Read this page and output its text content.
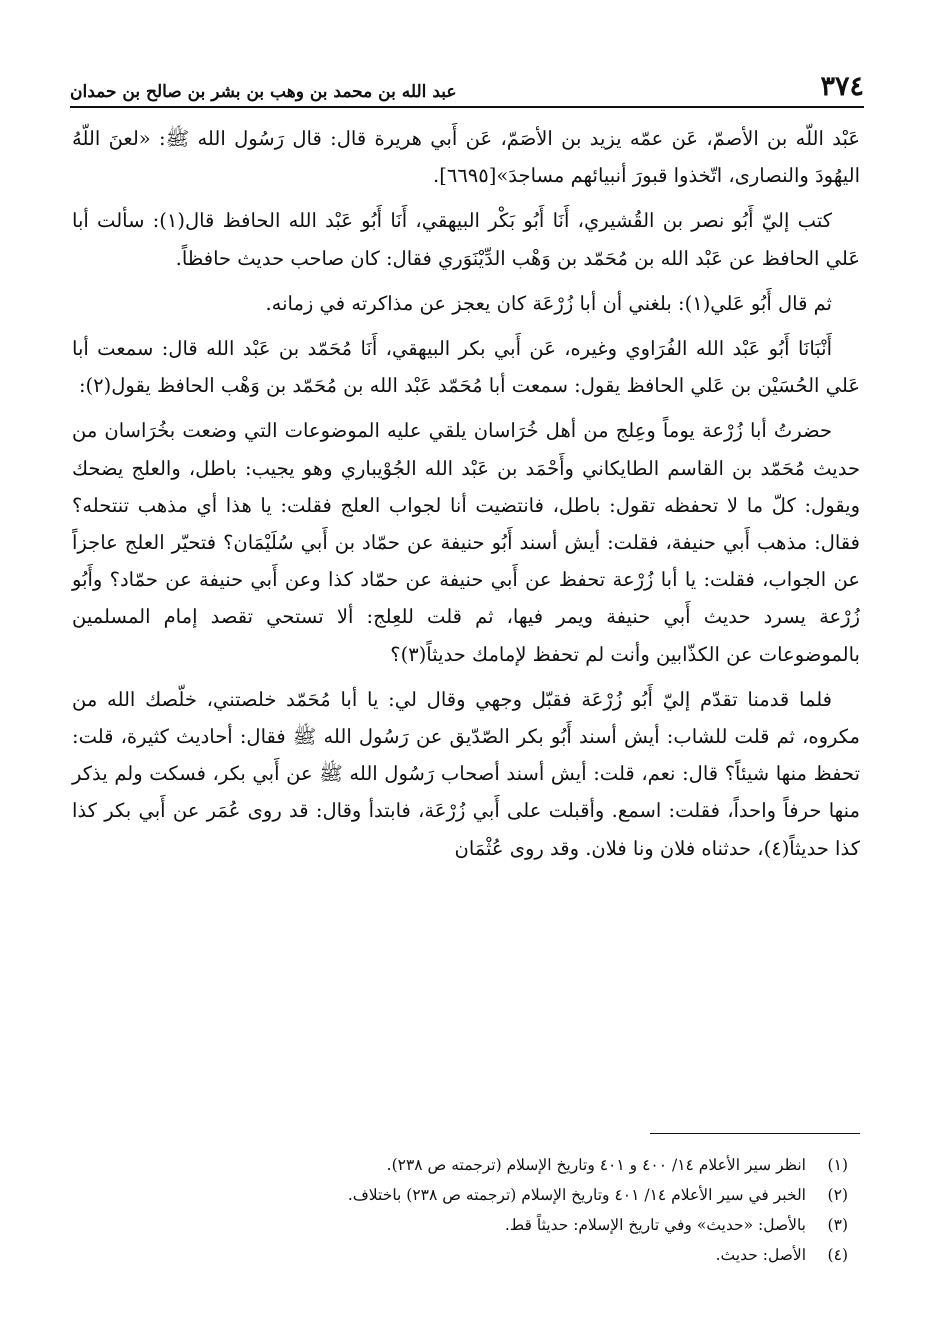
٣٧٤
عبد الله بن محمد بن وهب بن بشر بن صالح بن حمدان

عَبْد اللّه بن الأصمّ، عَن عمّه يزيد بن الأصَمّ، عَن أَبي هريرة قال: قال رَسُول الله ﷺ: «لعنَ اللّهُ اليهُودَ والنصارى، اتّخذوا قبورَ أنبيائهم مساجدَ»[٦٦٩٥].

كتب إليّ أَبُو نصر بن القُشيري، أَنَا أَبُو بَكْر البيهقي، أَنَا أَبُو عَبْد الله الحافظ قال(١): سألت أبا عَلي الحافظ عن عَبْد الله بن مُحَمّد بن وَهْب الدِّيْنَوَري فقال: كان صاحب حديث حافظاً.

ثم قال أَبُو عَلي(١): بلغني أن أبا زُرْعَة كان يعجز عن مذاكرته في زمانه.

أَنْبَانَا أَبُو عَبْد الله الفُرَاوي وغيره، عَن أَبي بكر البيهقي، أَنَا مُحَمّد بن عَبْد الله قال: سمعت أبا عَلي الحُسَيْن بن عَلي الحافظ يقول: سمعت أبا مُحَمّد عَبْد الله بن مُحَمّد بن وَهْب الحافظ يقول(٢):

حضرتُ أبا زُرْعة يوماً وعِلج من أهل خُرَاسان يلقي عليه الموضوعات التي وضعت بخُرَاسان من حديث مُحَمّد بن القاسم الطايكاني وأَحْمَد بن عَبْد الله الجُوْيباري وهو يجيب: باطل، والعلج يضحك ويقول: كلّ ما لا تحفظه تقول: باطل، فانتضيت أنا لجواب العلج فقلت: يا هذا أي مذهب تنتحله؟ فقال: مذهب أَبي حنيفة، فقلت: أيش أسند أَبُو حنيفة عن حمّاد بن أَبي سُلَيْمَان؟ فتحيّر العلج عاجزاً عن الجواب، فقلت: يا أبا زُرْعة تحفظ عن أَبي حنيفة عن حمّاد كذا وعن أَبي حنيفة عن حمّاد؟ وأَبُو زُرْعة يسرد حديث أَبي حنيفة ويمر فيها، ثم قلت للعِلج: ألا تستحي تقصد إمام المسلمين بالموضوعات عن الكذّابين وأنت لم تحفظ لإمامك حديثاً(٣)؟

فلما قدمنا تقدّم إليّ أَبُو زُرْعَة فقبّل وجهي وقال لي: يا أبا مُحَمّد خلصتني، خلّصك الله من مكروه، ثم قلت للشاب: أيش أسند أَبُو بكر الصّدّيق عن رَسُول الله ﷺ فقال: أحاديث كثيرة، قلت: تحفظ منها شيئاً؟ قال: نعم، قلت: أيش أسند أصحاب رَسُول الله ﷺ عن أَبي بكر، فسكت ولم يذكر منها حرفاً واحداً، فقلت: اسمع. وأقبلت على أَبي زُرْعَة، فابتدأ وقال: قد روى عُمَر عن أَبي بكر كذا كذا حديثاً(٤)، حدثناه فلان ونا فلان. وقد روى عُثْمَان

(١)
انظر سير الأعلام ١٤/ ٤٠٠ و ٤٠١ وتاريخ الإسلام (ترجمته ص ٢٣٨).
(٢)
الخبر في سير الأعلام ١٤/ ٤٠١ وتاريخ الإسلام (ترجمته ص ٢٣٨) باختلاف.
(٣)
بالأصل: «حديث» وفي تاريخ الإسلام: حديثاً قط.
(٤)
الأصل: حديث.
